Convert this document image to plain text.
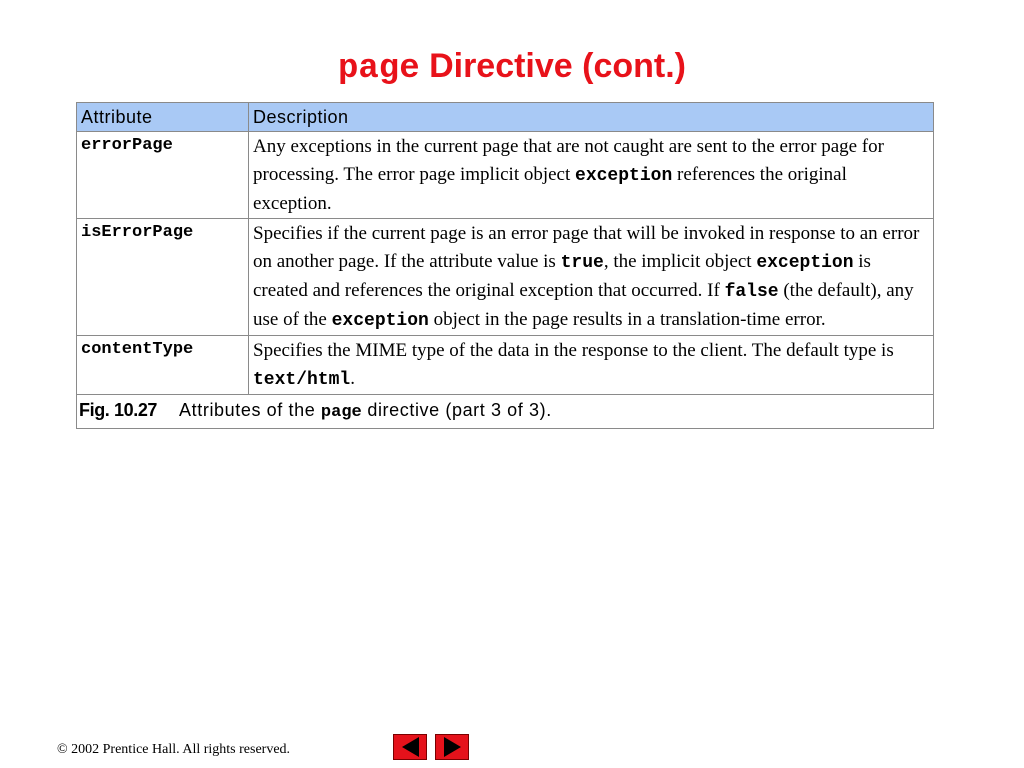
page Directive (cont.)
Attribute	Description
errorPage	Any exceptions in the current page that are not caught are sent to the error page for processing. The error page implicit object exception references the original exception.
isErrorPage	Specifies if the current page is an error page that will be invoked in response to an error on another page. If the attribute value is true, the implicit object exception is created and references the original exception that occurred. If false (the default), any use of the exception object in the page results in a translation-time error.
contentType	Specifies the MIME type of the data in the response to the client. The default type is text/html.
Fig. 10.27 Attributes of the page directive (part 3 of 3).	
© 2002 Prentice Hall. All rights reserved.
